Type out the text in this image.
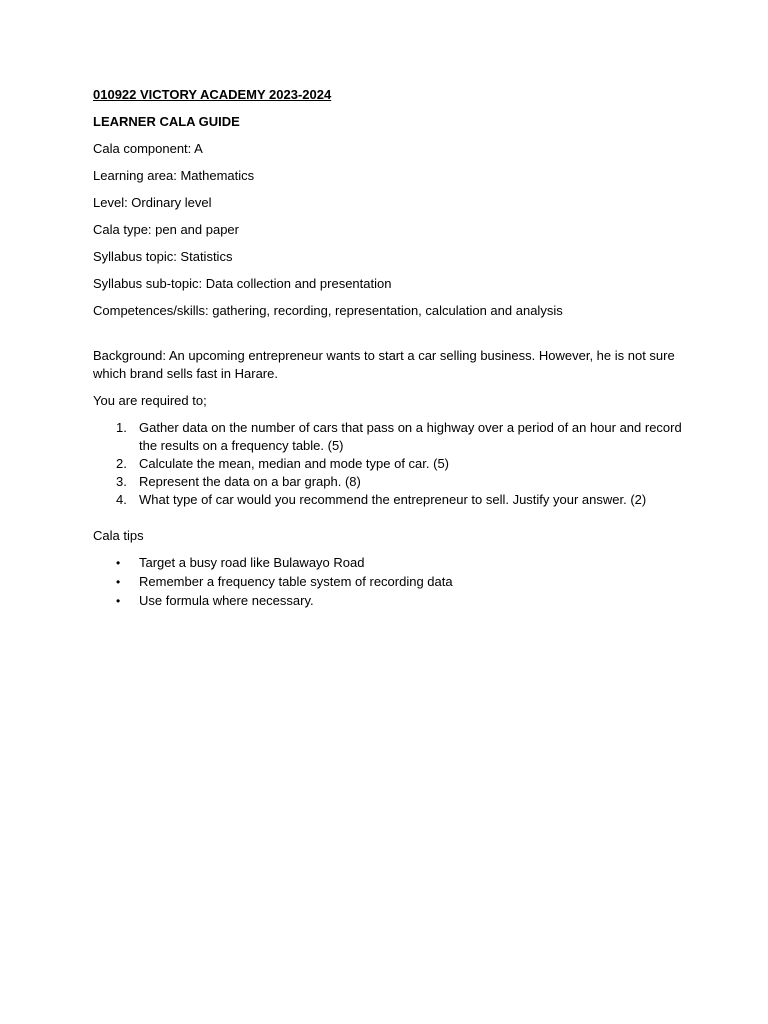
010922 VICTORY ACADEMY 2023-2024

LEARNER CALA GUIDE

Cala component: A

Learning area: Mathematics

Level: Ordinary level

Cala type: pen and paper

Syllabus topic: Statistics

Syllabus sub-topic: Data collection and presentation

Competences/skills: gathering, recording, representation, calculation and analysis

Background: An upcoming entrepreneur wants to start a car selling business. However, he is not sure which brand sells fast in Harare.

You are required to;

1. Gather data on the number of cars that pass on a highway over a period of an hour and record the results on a frequency table. (5)
2. Calculate the mean, median and mode type of car. (5)
3. Represent the data on a bar graph. (8)
4. What type of car would you recommend the entrepreneur to sell. Justify your answer. (2)

Cala tips

• Target a busy road like Bulawayo Road
• Remember a frequency table system of recording data
• Use formula where necessary.
